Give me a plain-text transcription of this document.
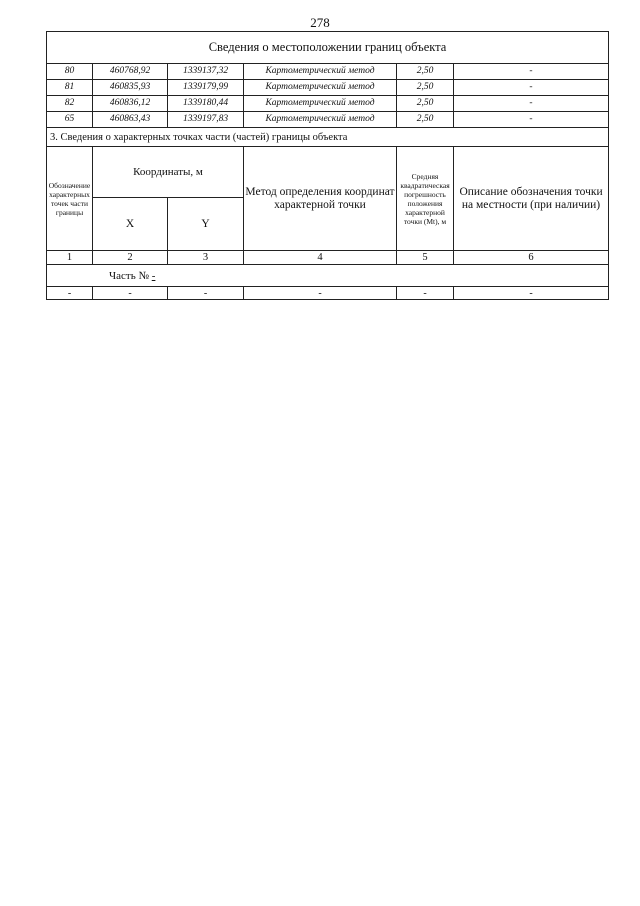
278
Сведения о местоположении границ объекта					
80	460768,92	1339137,32	Картометрический метод	2,50	-
81	460835,93	1339179,99	Картометрический метод	2,50	-
82	460836,12	1339180,44	Картометрический метод	2,50	-
65	460863,43	1339197,83	Картометрический метод	2,50	-
3. Сведения о характерных точках части (частей) границы объекта					
Обозначение характерных точек части границы	Координаты, м		Метод определения координат характерной точки	Средняя квадратическая погрешность положения характерной точки (Mt), м	Описание обозначения точки на местности (при наличии)
	X	Y			
1	2	3	4	5	6
Часть № -					
-	-	-	-	-	-
